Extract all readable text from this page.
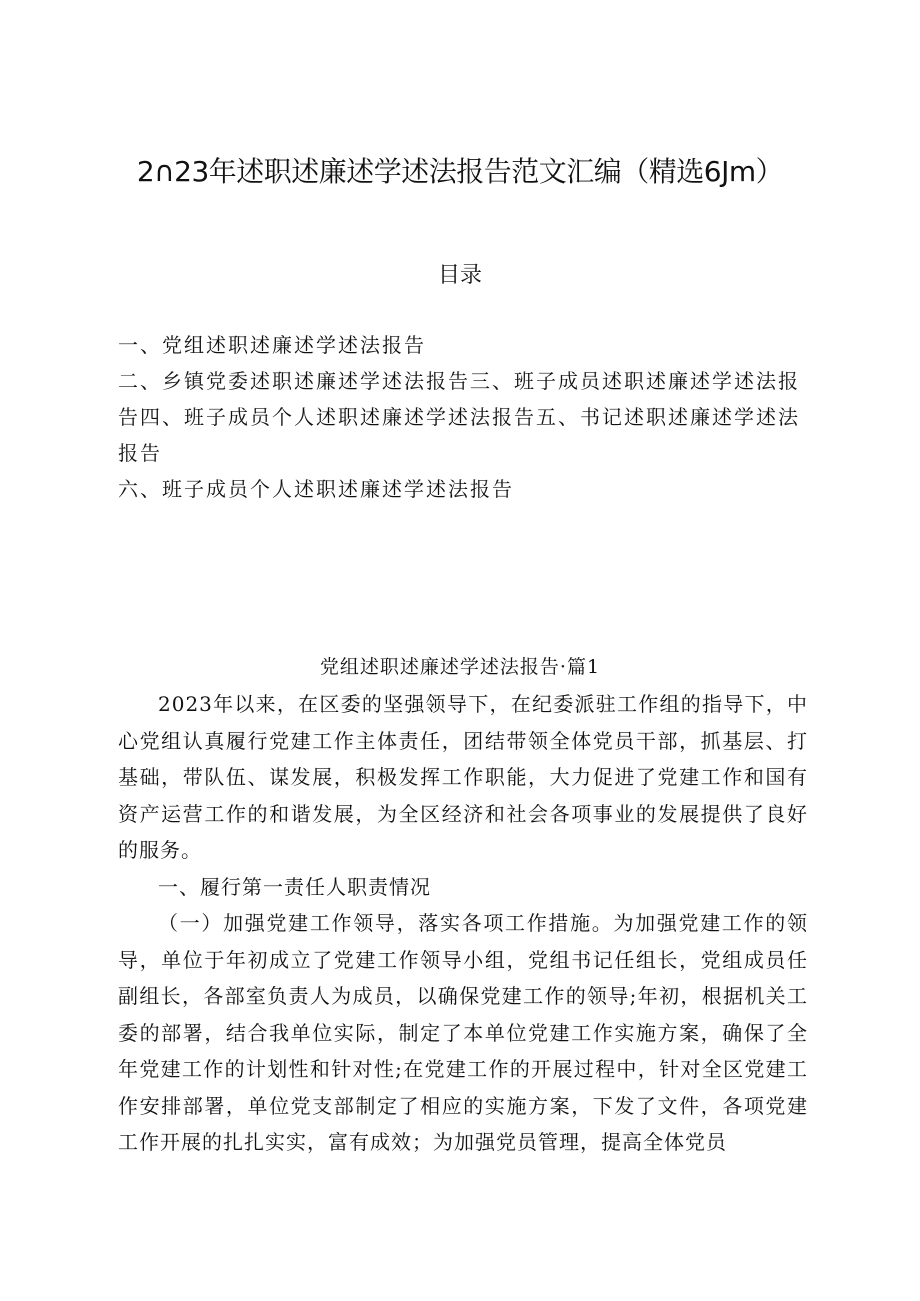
2∩23年述职述廉述学述法报告范文汇编（精选6Jm）
目录

一、党组述职述廉述学述法报告

二、乡镇党委述职述廉述学述法报告三、班子成员述职述廉述学述法报告四、班子成员个人述职述廉述学述法报告五、书记述职述廉述学述法报告

六、班子成员个人述职述廉述学述法报告

党组述职述廉述学述法报告·篇1

2023年以来，在区委的坚强领导下，在纪委派驻工作组的指导下，中心党组认真履行党建工作主体责任，团结带领全体党员干部，抓基层、打基础，带队伍、谋发展，积极发挥工作职能，大力促进了党建工作和国有资产运营工作的和谐发展，为全区经济和社会各项事业的发展提供了良好的服务。

一、履行第一责任人职责情况

（一）加强党建工作领导，落实各项工作措施。为加强党建工作的领导，单位于年初成立了党建工作领导小组，党组书记任组长，党组成员任副组长，各部室负责人为成员，以确保党建工作的领导;年初，根据机关工委的部署，结合我单位实际，制定了本单位党建工作实施方案，确保了全年党建工作的计划性和针对性;在党建工作的开展过程中，针对全区党建工作安排部署，单位党支部制定了相应的实施方案，下发了文件，各项党建工作开展的扎扎实实，富有成效；为加强党员管理，提高全体党员
